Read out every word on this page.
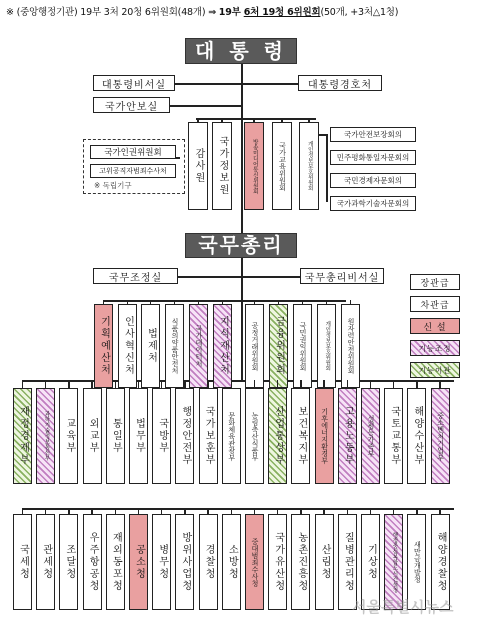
※ (중앙행정기관) 19부 3처 20청 6위원회(48개) ⇒ 19부 6처 19청 6위원회(50개, +3처△1청)
대 통 령
대통령비서실	대통령경호처
국가안보실
국가인권위원회
고위공직자범죄수사처
※ 독립기구
감사원 국가정보원	방송미디어통신위원회	국가교육위원회	개인정보보호위원회
국가안전보장회의
민주평화통일자문회의
국민경제자문회의
국가과학기술자문회의
국무총리
국무조정실	국무총리비서실	장관급
차관급
신 설
기능조정
기능이관
기획예산처 인사혁신처 법제처 식품의약품안전처 국가데이터처 지식재산처	공정거래위원회 금융위원회 국민권익위원회	개인정보보호위원회 원자력안전위원회
재정경제부	과학기술정보통신부 교육부 외교부 통일부 법무부 국방부 행정안전부 국가보훈부 문화체육관광부 농림축산식품부 산업통상부 보건복지부 기후에너지환경부 고용노동부 성평등가족부 국토교통부 해양수산부 중소벤처기업부
국세청 관세청 조달청 우주항공청 재외동포청 공소청 병무청 방위사업청 경찰청 소방청 중대범죄수사청 국가유산청 농촌진흥청 산림청 질병관리청 기상청	행정중심복합도시건설청 새만금개발청 해양경찰청
서울특별시뉴스
